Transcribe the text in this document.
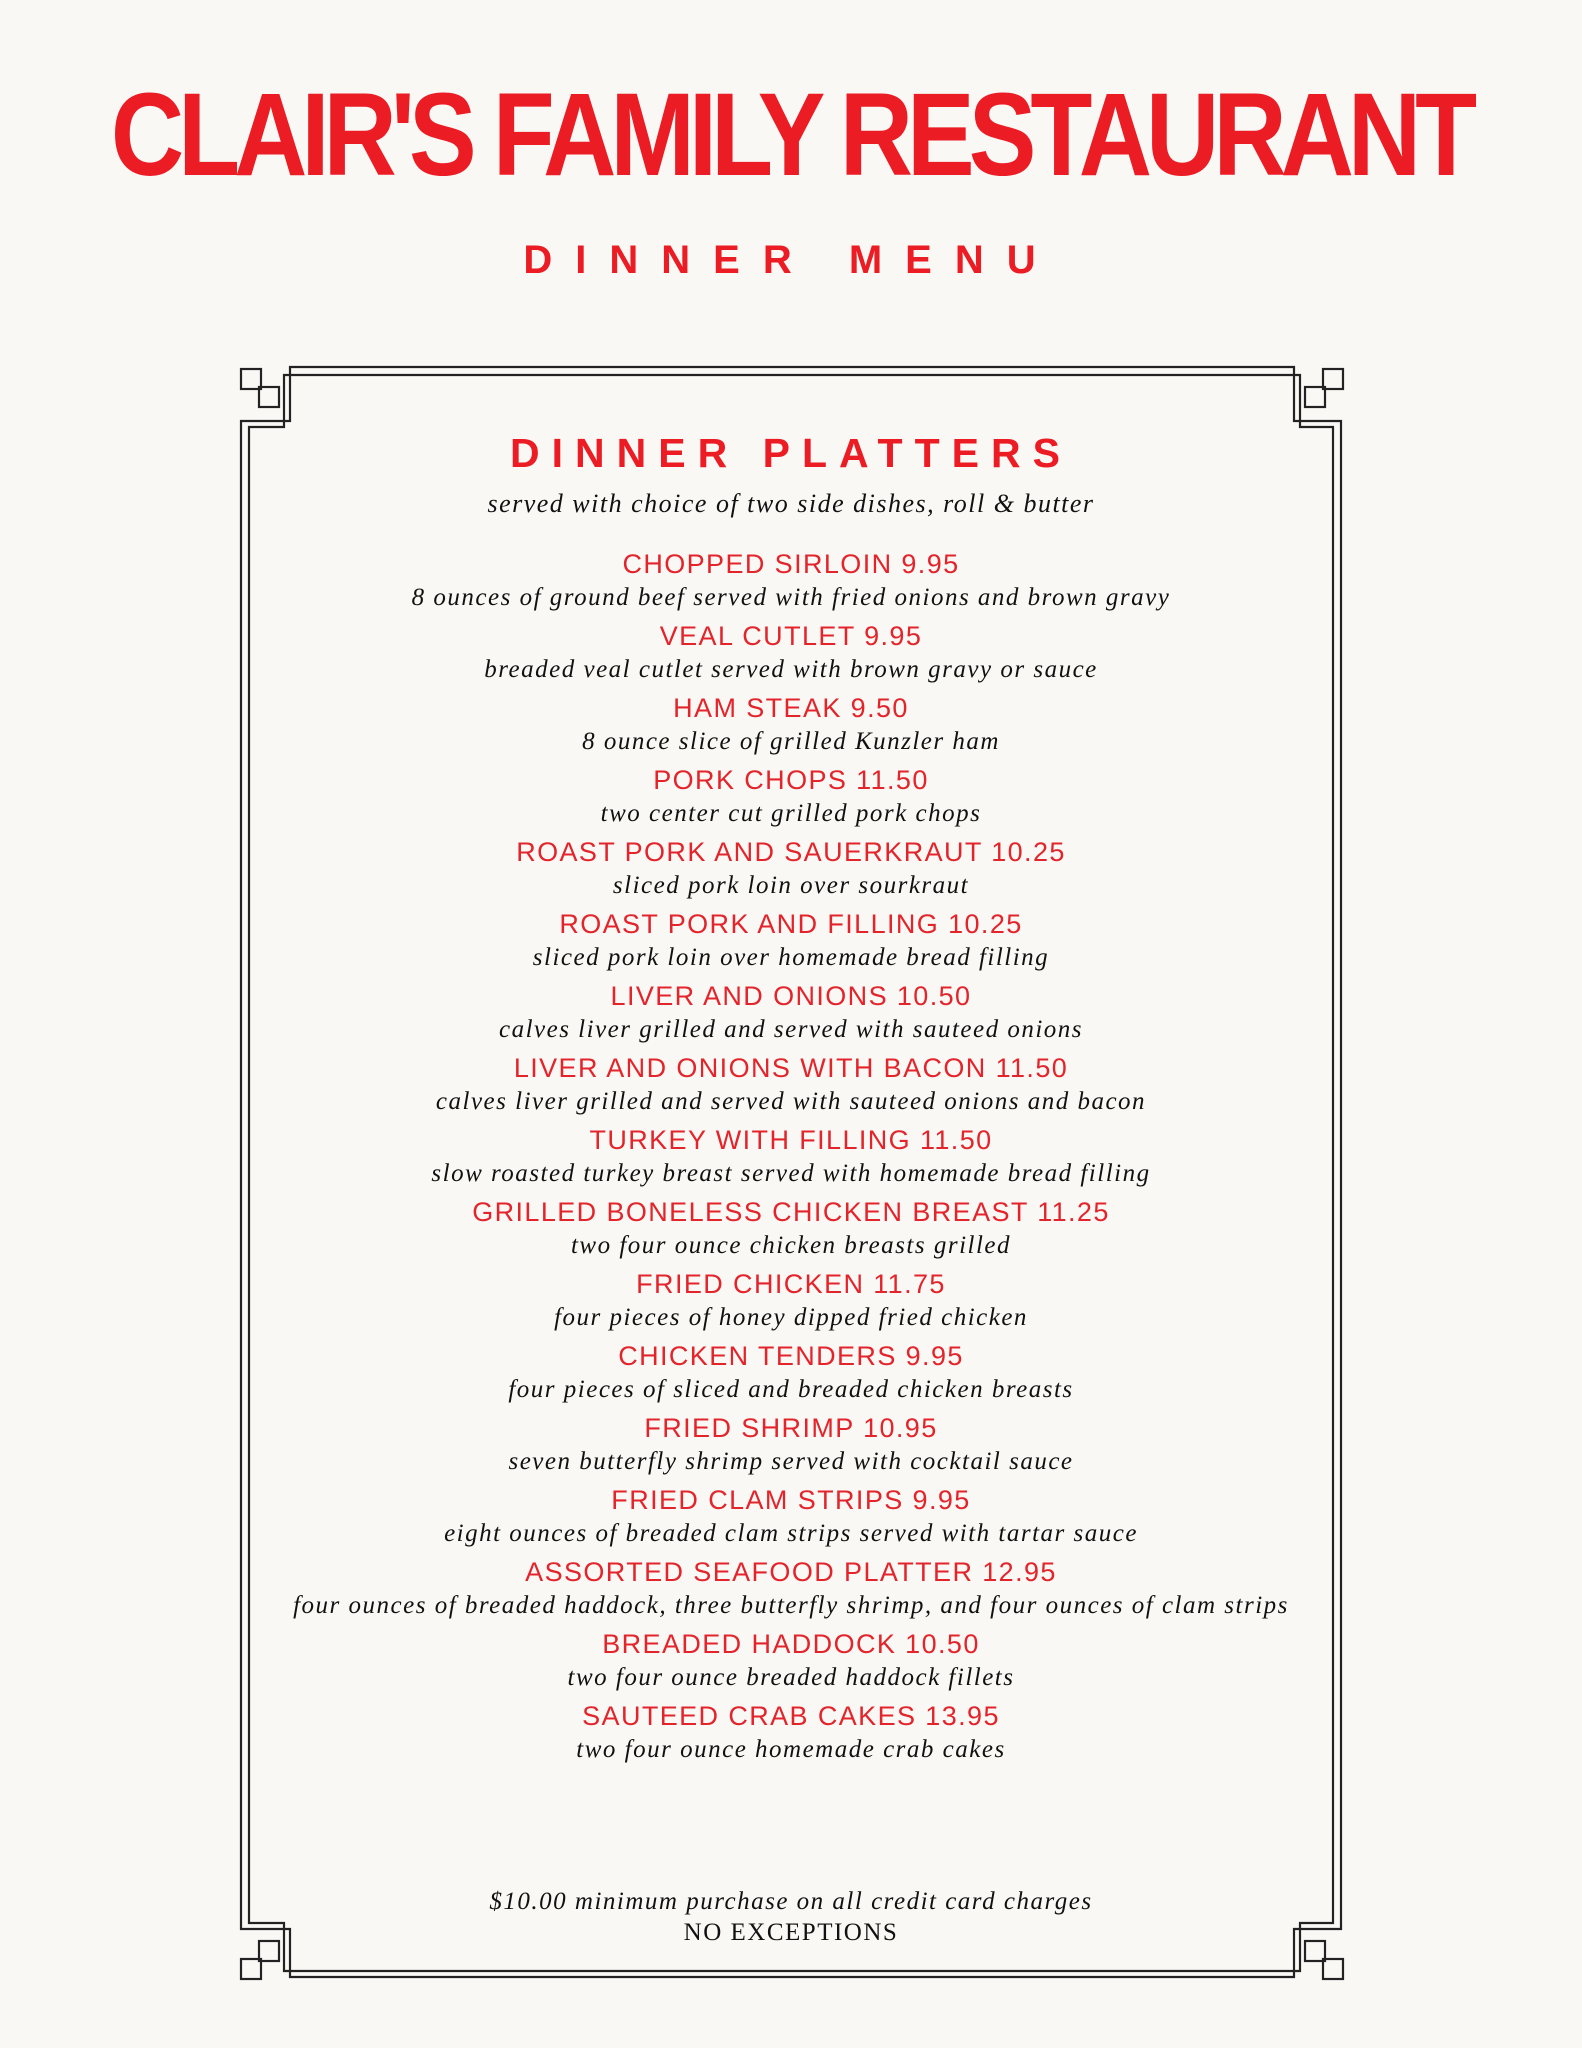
CLAIR'S FAMILY RESTAURANT
DINNER MENU
DINNER PLATTERS
served with choice of two side dishes, roll & butter
CHOPPED SIRLOIN 9.95
8 ounces of ground beef served with fried onions and brown gravy
VEAL CUTLET 9.95
breaded veal cutlet served with brown gravy or sauce
HAM STEAK 9.50
8 ounce slice of grilled Kunzler ham
PORK CHOPS 11.50
two center cut grilled pork chops
ROAST PORK AND SAUERKRAUT 10.25
sliced pork loin over sourkraut
ROAST PORK AND FILLING 10.25
sliced pork loin over homemade bread filling
LIVER AND ONIONS 10.50
calves liver grilled and served with sauteed onions
LIVER AND ONIONS WITH BACON 11.50
calves liver grilled and served with sauteed onions and bacon
TURKEY WITH FILLING 11.50
slow roasted turkey breast served with homemade bread filling
GRILLED BONELESS CHICKEN BREAST 11.25
two four ounce chicken breasts grilled
FRIED CHICKEN 11.75
four pieces of honey dipped fried chicken
CHICKEN TENDERS 9.95
four pieces of sliced and breaded chicken breasts
FRIED SHRIMP 10.95
seven butterfly shrimp served with cocktail sauce
FRIED CLAM STRIPS 9.95
eight ounces of breaded clam strips served with tartar sauce
ASSORTED SEAFOOD PLATTER 12.95
four ounces of breaded haddock, three butterfly shrimp, and four ounces of clam strips
BREADED HADDOCK 10.50
two four ounce breaded haddock fillets
SAUTEED CRAB CAKES 13.95
two four ounce homemade crab cakes
$10.00 minimum purchase on all credit card charges
NO EXCEPTIONS
